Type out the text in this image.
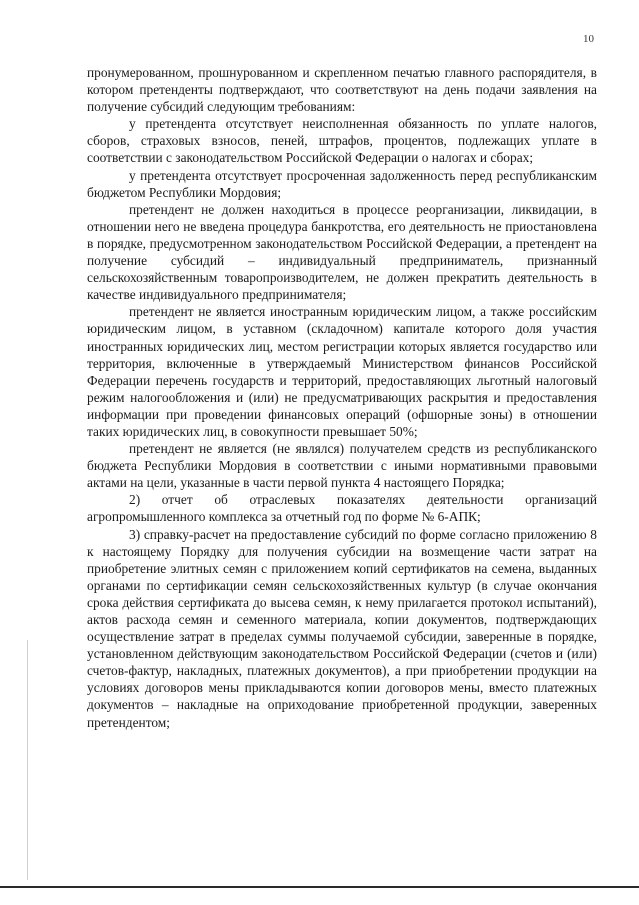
10

пронумерованном, прошнурованном и скрепленном печатью главного распорядителя, в котором претенденты подтверждают, что соответствуют на день подачи заявления на получение субсидий следующим требованиям:

у претендента отсутствует неисполненная обязанность по уплате налогов, сборов, страховых взносов, пеней, штрафов, процентов, подлежащих уплате в соответствии с законодательством Российской Федерации о налогах и сборах;

у претендента отсутствует просроченная задолженность перед республиканским бюджетом Республики Мордовия;

претендент не должен находиться в процессе реорганизации, ликвидации, в отношении него не введена процедура банкротства, его деятельность не приостановлена в порядке, предусмотренном законодательством Российской Федерации, а претендент на получение субсидий – индивидуальный предприниматель, признанный сельскохозяйственным товаропроизводителем, не должен прекратить деятельность в качестве индивидуального предпринимателя;

претендент не является иностранным юридическим лицом, а также российским юридическим лицом, в уставном (складочном) капитале которого доля участия иностранных юридических лиц, местом регистрации которых является государство или территория, включенные в утверждаемый Министерством финансов Российской Федерации перечень государств и территорий, предоставляющих льготный налоговый режим налогообложения и (или) не предусматривающих раскрытия и предоставления информации при проведении финансовых операций (офшорные зоны) в отношении таких юридических лиц, в совокупности превышает 50%;

претендент не является (не являлся) получателем средств из республиканского бюджета Республики Мордовия в соответствии с иными нормативными правовыми актами на цели, указанные в части первой пункта 4 настоящего Порядка;

2) отчет об отраслевых показателях деятельности организаций агропромышленного комплекса за отчетный год по форме № 6-АПК;

3) справку-расчет на предоставление субсидий по форме согласно приложению 8 к настоящему Порядку для получения субсидии на возмещение части затрат на приобретение элитных семян с приложением копий сертификатов на семена, выданных органами по сертификации семян сельскохозяйственных культур (в случае окончания срока действия сертификата до высева семян, к нему прилагается протокол испытаний), актов расхода семян и семенного материала, копии документов, подтверждающих осуществление затрат в пределах суммы получаемой субсидии, заверенные в порядке, установленном действующим законодательством Российской Федерации (счетов и (или) счетов-фактур, накладных, платежных документов), а при приобретении продукции на условиях договоров мены прикладываются копии договоров мены, вместо платежных документов – накладные на оприходование приобретенной продукции, заверенных претендентом;
